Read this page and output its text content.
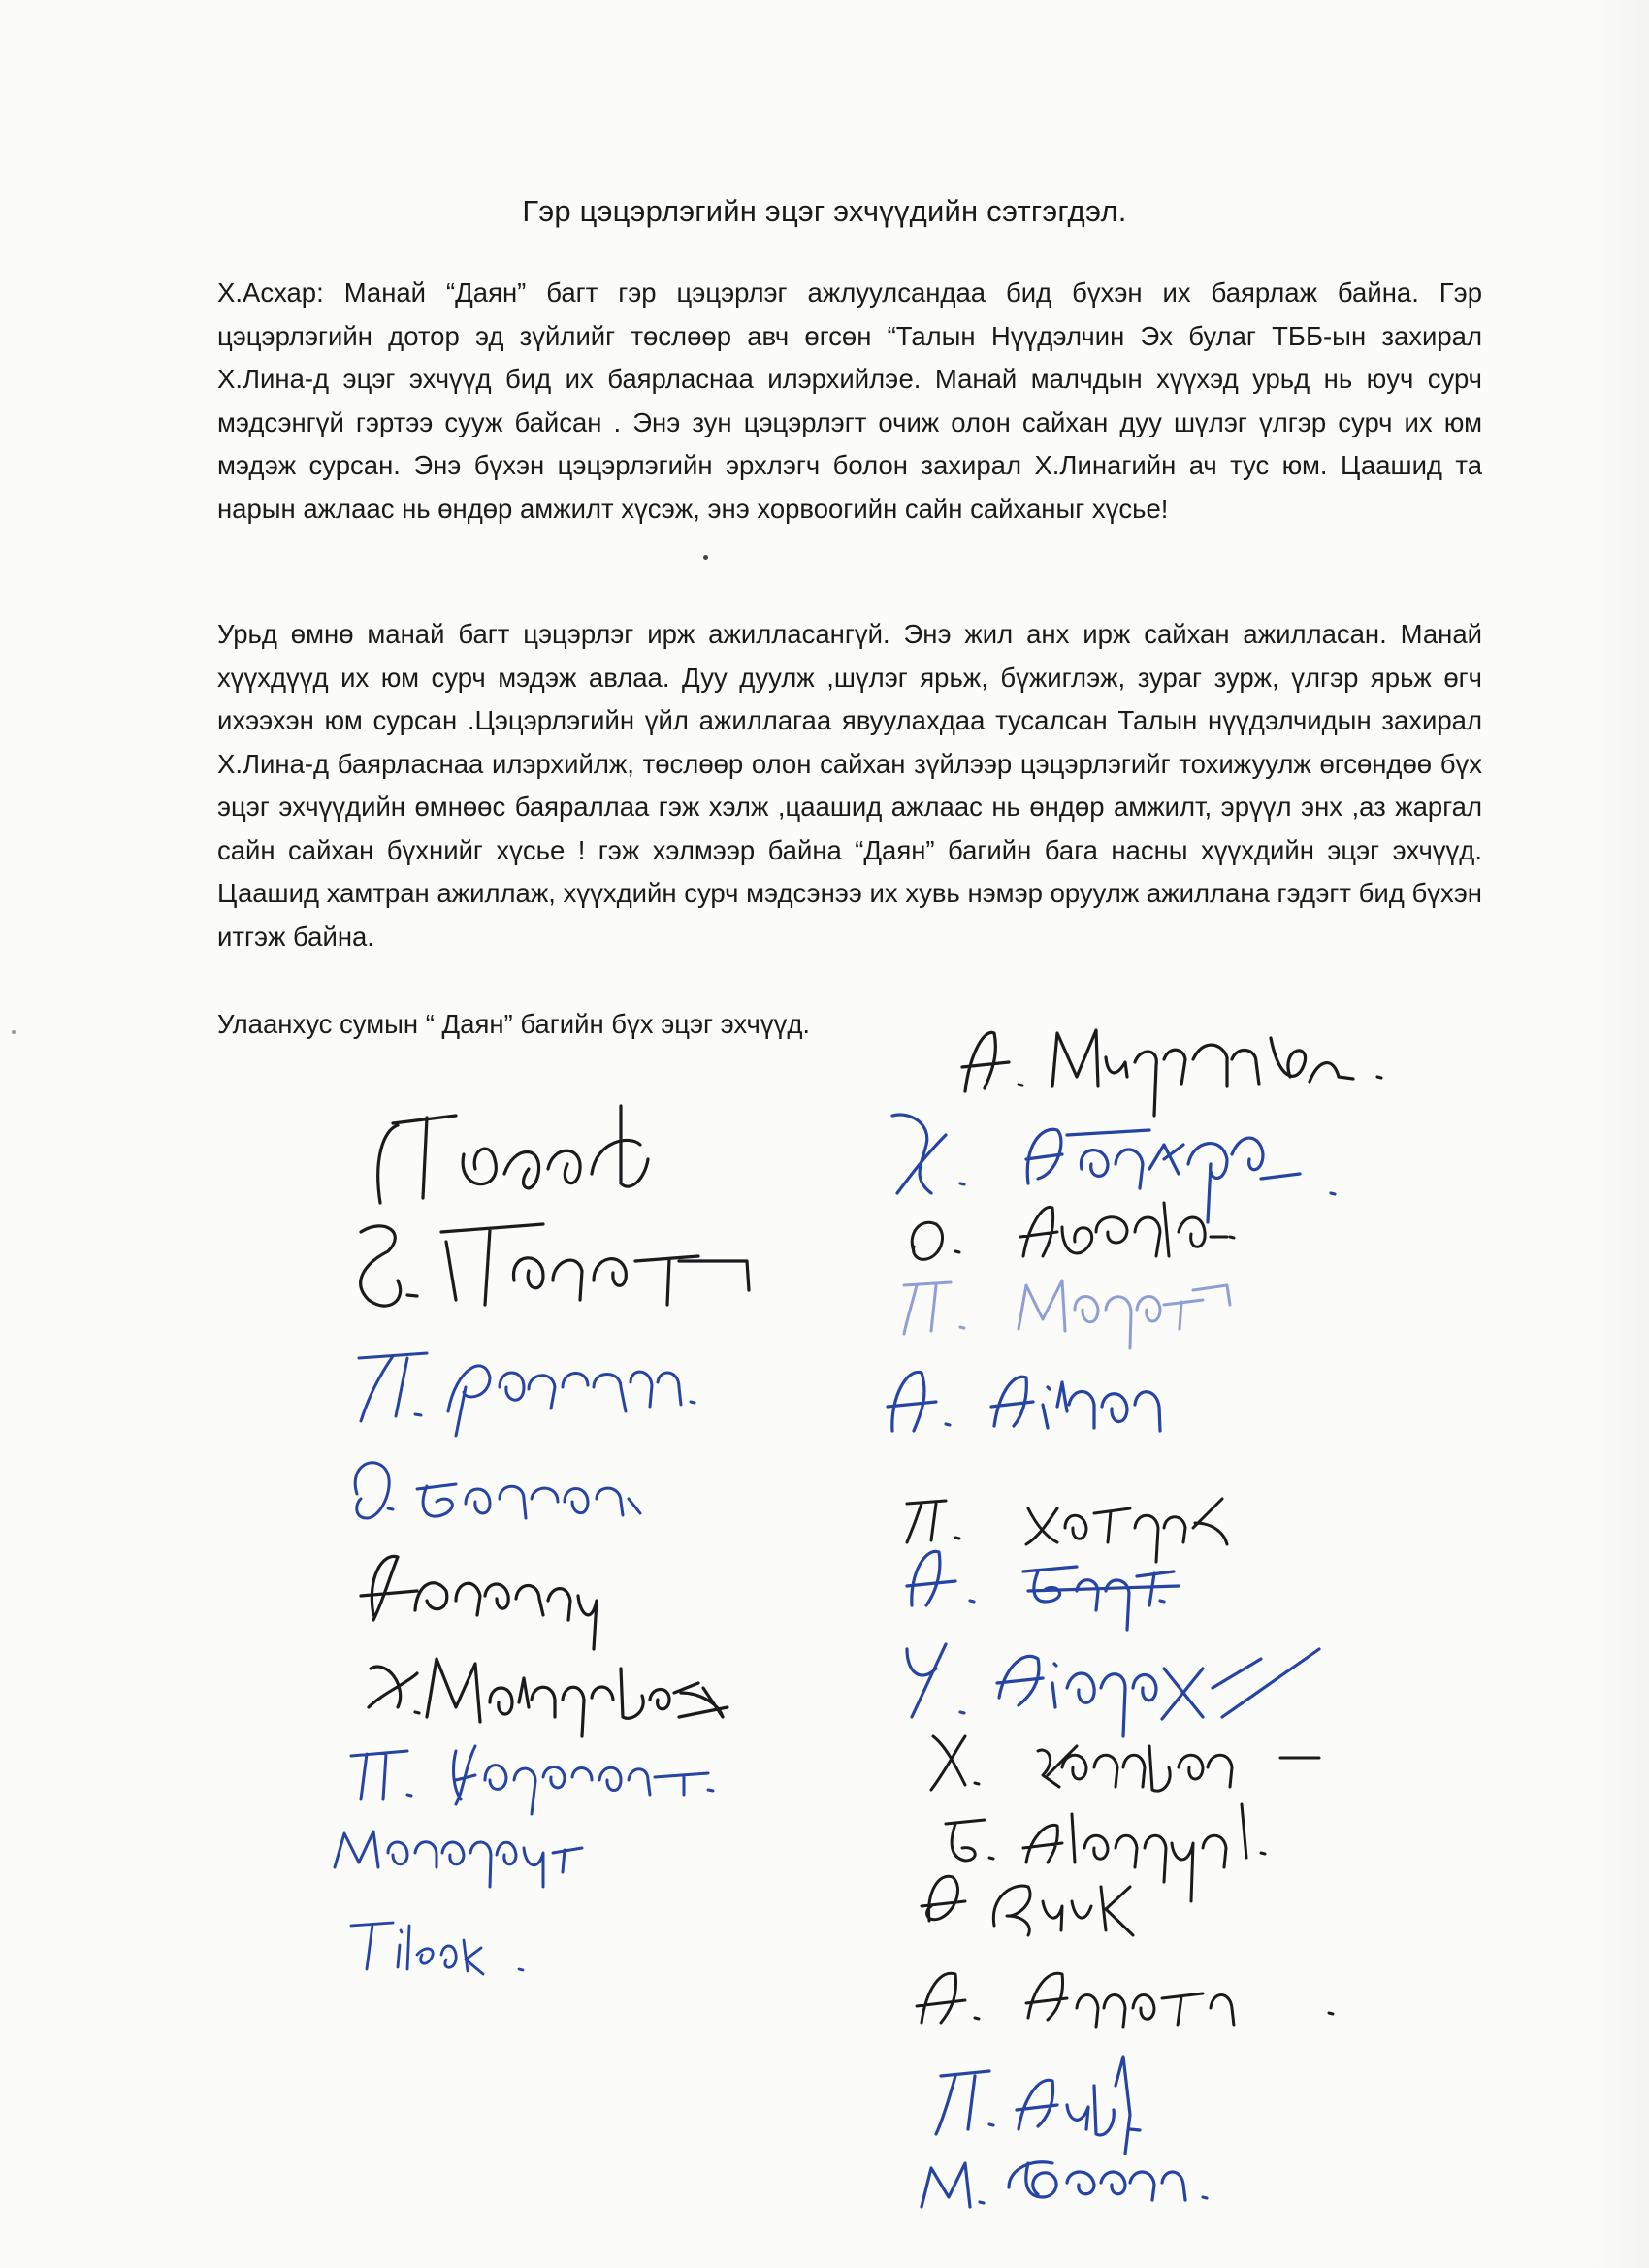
Гэр цэцэрлэгийн эцэг эхчүүдийн сэтгэгдэл.

Х.Асхар: Манай “Даян” багт гэр цэцэрлэг ажлуулсандаа бид бүхэн их баярлаж байна. Гэр цэцэрлэгийн дотор эд зүйлийг төслөөр авч өгсөн “Талын Нүүдэлчин Эх булаг ТББ-ын захирал Х.Лина-д эцэг эхчүүд бид их баярласнаа илэрхийлэе. Манай малчдын хүүхэд урьд нь юуч сурч мэдсэнгүй гэртээ сууж байсан . Энэ зун цэцэрлэгт очиж олон сайхан дуу шүлэг үлгэр сурч их юм мэдэж сурсан. Энэ бүхэн цэцэрлэгийн эрхлэгч болон захирал Х.Линагийн ач тус юм. Цаашид та нарын ажлаас нь өндөр амжилт хүсэж, энэ хорвоогийн сайн сайханыг хүсье!

Урьд өмнө манай багт цэцэрлэг ирж ажилласангүй. Энэ жил анх ирж сайхан ажилласан. Манай хүүхдүүд их юм сурч мэдэж авлаа. Дуу дуулж ,шүлэг ярьж, бүжиглэж, зураг зурж, үлгэр ярьж өгч ихээхэн юм сурсан .Цэцэрлэгийн үйл ажиллагаа явуулахдаа тусалсан Талын нүүдэлчидын захирал Х.Лина-д баярласнаа илэрхийлж, төслөөр олон сайхан зүйлээр цэцэрлэгийг тохижуулж өгсөндөө бүх эцэг эхчүүдийн өмнөөс баяраллаа гэж хэлж ,цаашид ажлаас нь өндөр амжилт, эрүүл энх ,аз жаргал сайн сайхан бүхнийг хүсье ! гэж хэлмээр байна “Даян” багийн бага насны хүүхдийн эцэг эхчүүд. Цаашид хамтран ажиллаж, хүүхдийн сурч мэдсэнээ их хувь нэмэр оруулж ажиллана гэдэгт бид бүхэн итгэж байна.

Улаанхус сумын “ Даян” багийн бүх эцэг эхчүүд.
